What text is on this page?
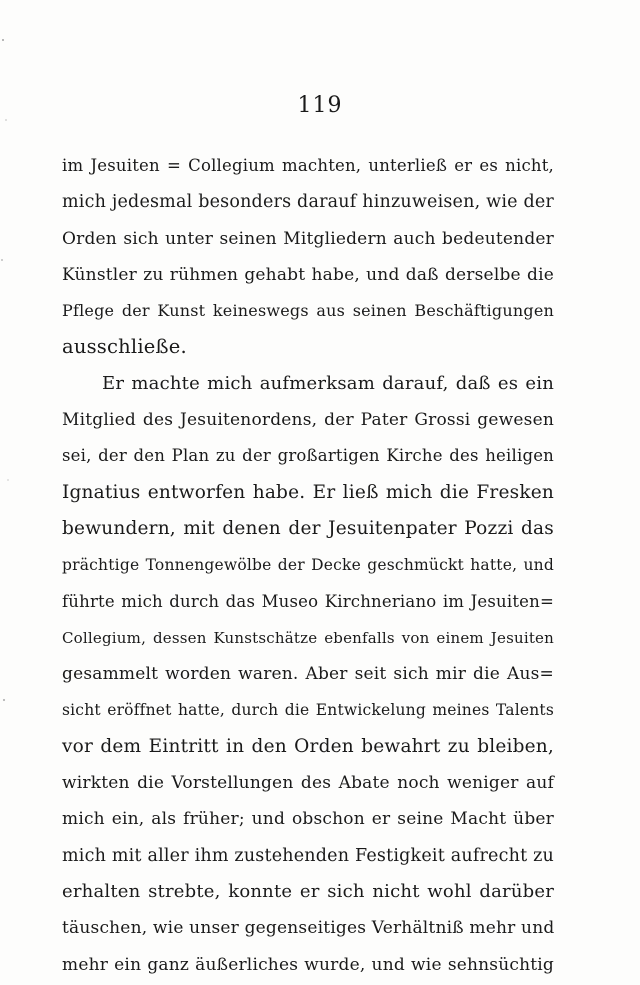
119
im Jesuiten = Collegium machten, unterließ er es nicht,
mich jedesmal besonders darauf hinzuweisen, wie der
Orden sich unter seinen Mitgliedern auch bedeutender
Künstler zu rühmen gehabt habe, und daß derselbe die
Pflege der Kunst keineswegs aus seinen Beschäftigungen
ausschließe.
Er machte mich aufmerksam darauf, daß es ein
Mitglied des Jesuitenordens, der Pater Grossi gewesen
sei, der den Plan zu der großartigen Kirche des heiligen
Ignatius entworfen habe. Er ließ mich die Fresken
bewundern, mit denen der Jesuitenpater Pozzi das
prächtige Tonnengewölbe der Decke geschmückt hatte, und
führte mich durch das Museo Kirchneriano im Jesuiten=
Collegium, dessen Kunstschätze ebenfalls von einem Jesuiten
gesammelt worden waren. Aber seit sich mir die Aus=
sicht eröffnet hatte, durch die Entwickelung meines Talents
vor dem Eintritt in den Orden bewahrt zu bleiben,
wirkten die Vorstellungen des Abate noch weniger auf
mich ein, als früher; und obschon er seine Macht über
mich mit aller ihm zustehenden Festigkeit aufrecht zu
erhalten strebte, konnte er sich nicht wohl darüber
täuschen, wie unser gegenseitiges Verhältniß mehr und
mehr ein ganz äußerliches wurde, und wie sehnsüchtig
